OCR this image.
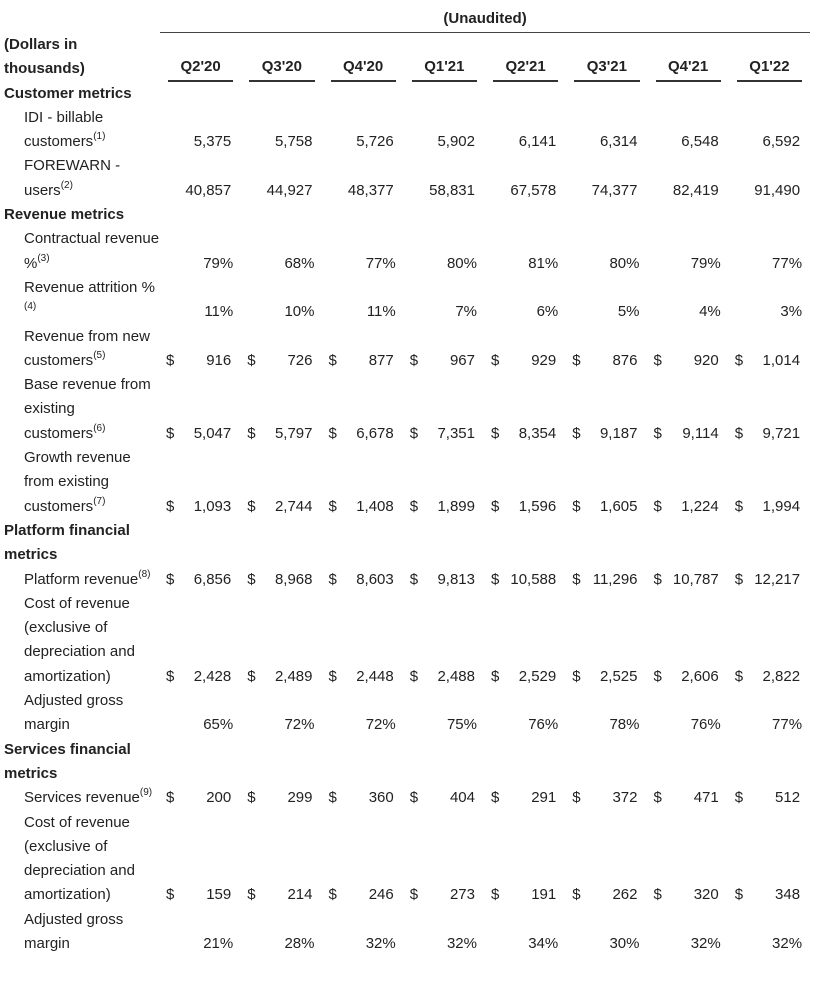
	(Unaudited)							
(Dollars in thousands)	Q2'20	Q3'20	Q4'20	Q1'21	Q2'21	Q3'21	Q4'21	Q1'22

Customer metrics								
IDI - billable customers$^{(1)}$	5,375	5,758	5,726	5,902	6,141	6,314	6,548	6,592

FOREWARN - users$^{(2)}$	40,857	44,927	48,377	58,831	67,578	74,377	82,419	91,490

Revenue metrics								
Contractual revenue %$^{(3)}$	79%	68%	77%	80%	81%	80%	79%	77%

Revenue attrition %$^{(4)}$	11%	10%	11%	7%	6%	5%	4%	3%

Revenue from new customers$^{(5)}$	$ 916	$ 726	$ 877	$ 967	$ 929	$ 876	$ 920	$ 1,014

Base revenue from existing customers$^{(6)}$	$ 5,047	$ 5,797	$ 6,678	$ 7,351	$ 8,354	$ 9,187	$ 9,114	$ 9,721

Growth revenue from existing customers$^{(7)}$	$ 1,093	$ 2,744	$ 1,408	$ 1,899	$ 1,596	$ 1,605	$ 1,224	$ 1,994

Platform financial metrics								
Platform revenue$^{(8)}$	$ 6,856	$ 8,968	$ 8,603	$ 9,813	$ 10,588	$ 11,296	$ 10,787	$ 12,217

Cost of revenue (exclusive of depreciation and amortization)	$ 2,428	$ 2,489	$ 2,448	$ 2,488	$ 2,529	$ 2,525	$ 2,606	$ 2,822

Adjusted gross margin	65%	72%	72%	75%	76%	78%	76%	77%

Services financial metrics								
Services revenue$^{(9)}$	$ 200	$ 299	$ 360	$ 404	$ 291	$ 372	$ 471	$ 512

Cost of revenue (exclusive of depreciation and amortization)	$ 159	$ 214	$ 246	$ 273	$ 191	$ 262	$ 320	$ 348

Adjusted gross margin	21%	28%	32%	32%	34%	30%	32%	32%
